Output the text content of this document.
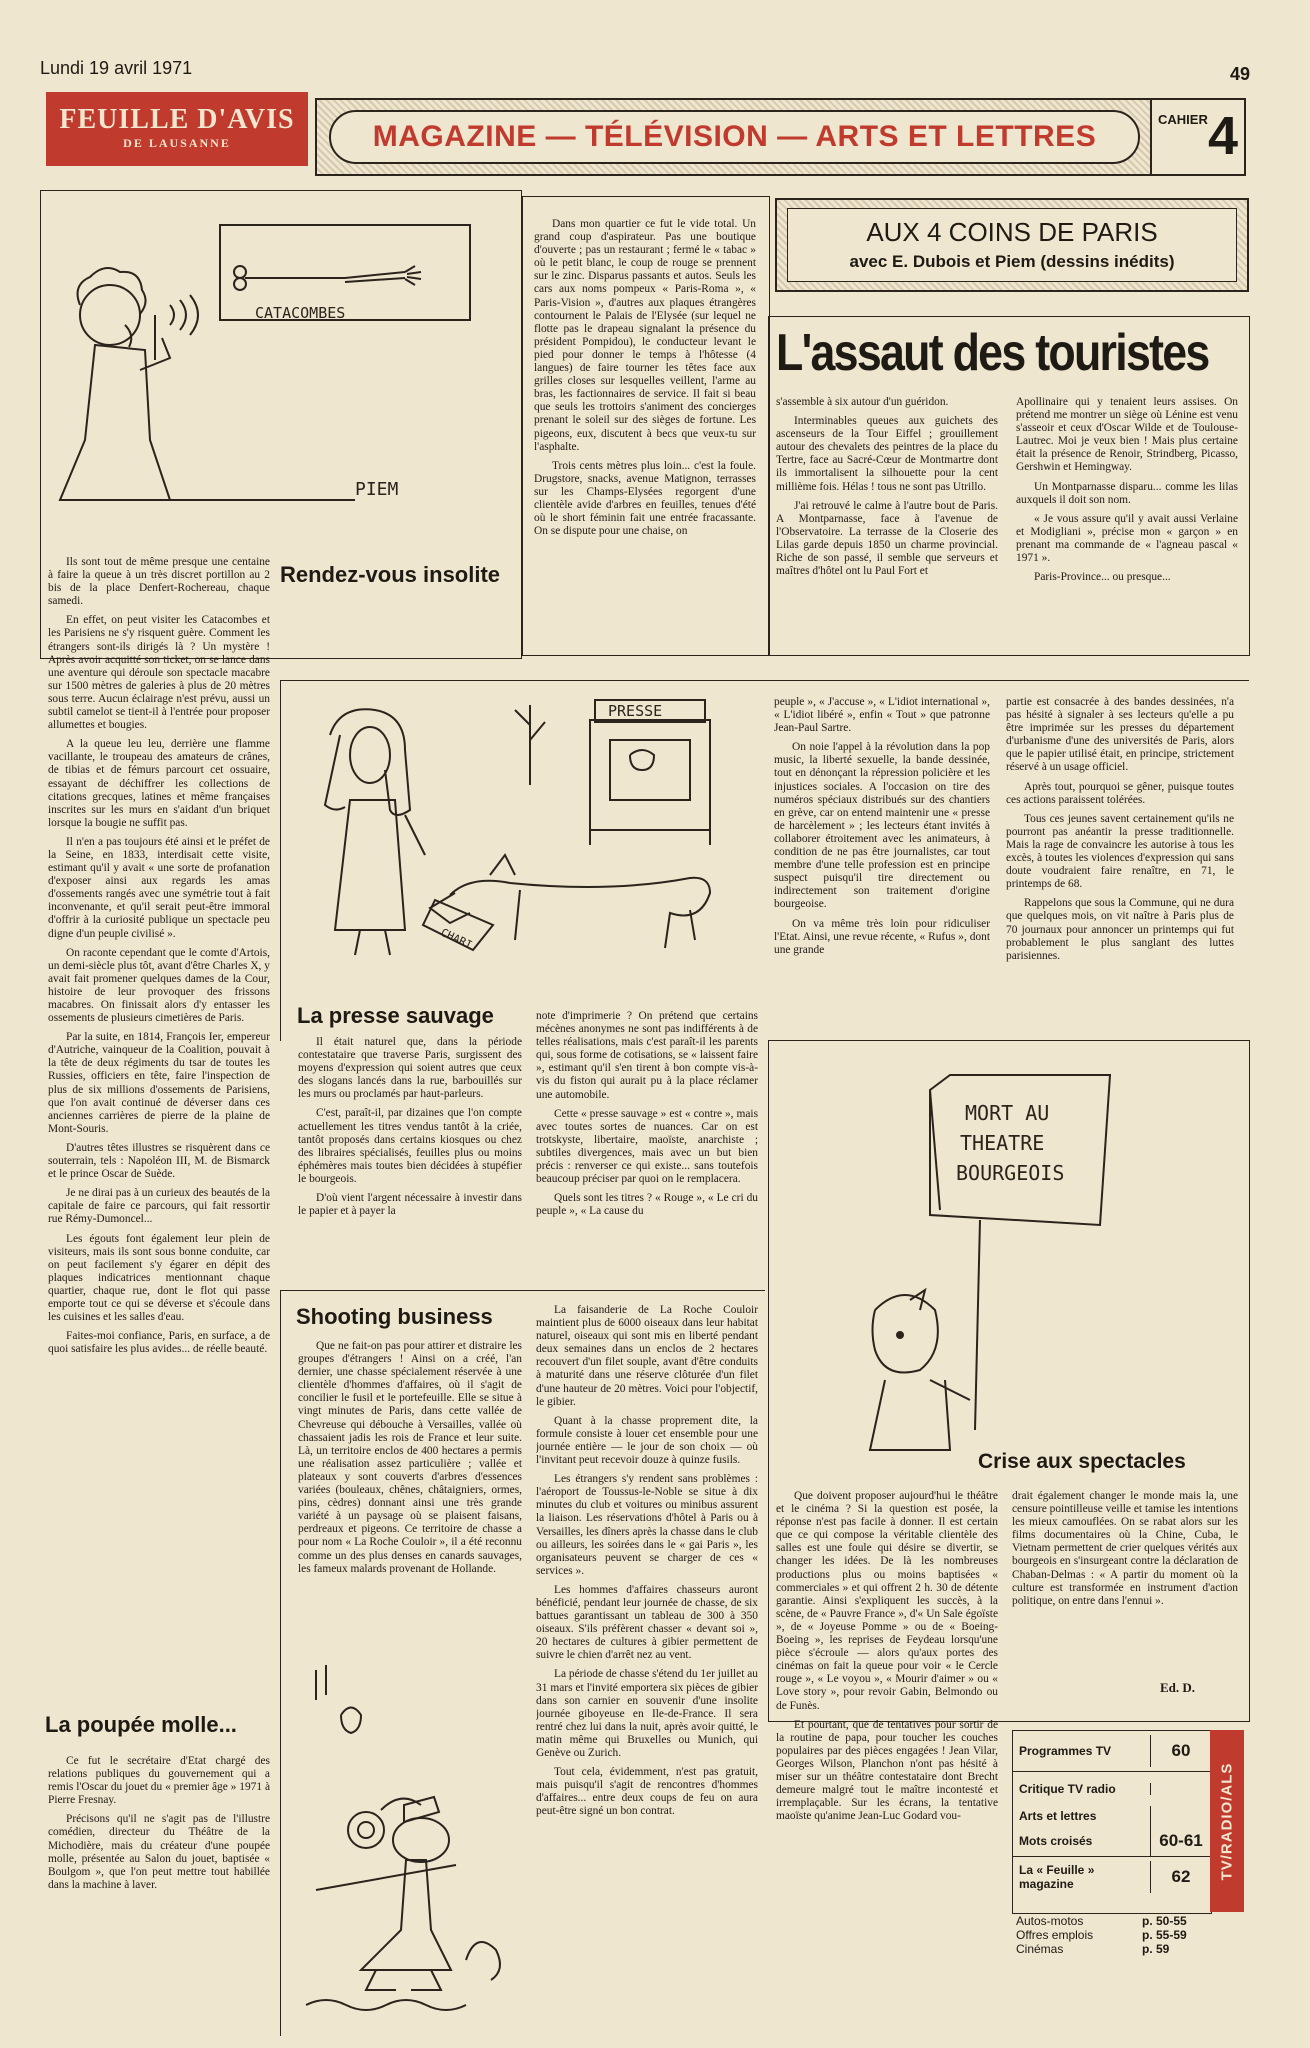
Lundi 19 avril 1971	49
FEUILLE D'AVIS
DE LAUSANNE	MAGAZINE — TÉLÉVISION — ARTS ET LETTRES
CAHIER 4
CATACOMBES
PIEM
Rendez-vous insolite

Ils sont tout de même presque une centaine à faire la queue à un très discret portillon au 2 bis de la place Denfert-Rochereau, chaque samedi.

En effet, on peut visiter les Catacombes et les Parisiens ne s'y risquent guère. Comment les étrangers sont-ils dirigés là ? Un mystère ! Après avoir acquitté son ticket, on se lance dans une aventure qui déroule son spectacle macabre sur 1500 mètres de galeries à plus de 20 mètres sous terre. Aucun éclairage n'est prévu, aussi un subtil camelot se tient-il à l'entrée pour proposer allumettes et bougies.

A la queue leu leu, derrière une flamme vacillante, le troupeau des amateurs de crânes, de tibias et de fémurs parcourt cet ossuaire, essayant de déchiffrer les collections de citations grecques, latines et même françaises inscrites sur les murs en s'aidant d'un briquet lorsque la bougie ne suffit pas.

Il n'en a pas toujours été ainsi et le préfet de la Seine, en 1833, interdisait cette visite, estimant qu'il y avait « une sorte de profanation d'exposer ainsi aux regards les amas d'ossements rangés avec une symétrie tout à fait inconvenante, et qu'il serait peut-être immoral d'offrir à la curiosité publique un spectacle peu digne d'un peuple civilisé ».

On raconte cependant que le comte d'Artois, un demi-siècle plus tôt, avant d'être Charles X, y avait fait promener quelques dames de la Cour, histoire de leur provoquer des frissons macabres. On finissait alors d'y entasser les ossements de plusieurs cimetières de Paris.

Par la suite, en 1814, François Ier, empereur d'Autriche, vainqueur de la Coalition, pouvait à la tête de deux régiments du tsar de toutes les Russies, officiers en tête, faire l'inspection de plus de six millions d'ossements de Parisiens, que l'on avait continué de déverser dans ces anciennes carrières de pierre de la plaine de Mont-Souris.

D'autres têtes illustres se risquèrent dans ce souterrain, tels : Napoléon III, M. de Bismarck et le prince Oscar de Suède.

Je ne dirai pas à un curieux des beautés de la capitale de faire ce parcours, qui fait ressortir rue Rémy-Dumoncel...

Les égouts font également leur plein de visiteurs, mais ils sont sous bonne conduite, car on peut facilement s'y égarer en dépit des plaques indicatrices mentionnant chaque quartier, chaque rue, dont le flot qui passe emporte tout ce qui se déverse et s'écoule dans les cuisines et les salles d'eau.

Faites-moi confiance, Paris, en surface, a de quoi satisfaire les plus avides... de réelle beauté.

La poupée molle...

Ce fut le secrétaire d'Etat chargé des relations publiques du gouvernement qui a remis l'Oscar du jouet du « premier âge » 1971 à Pierre Fresnay.

Précisons qu'il ne s'agit pas de l'illustre comédien, directeur du Théâtre de la Michodière, mais du créateur d'une poupée molle, présentée au Salon du jouet, baptisée « Boulgom », que l'on peut mettre tout habillée dans la machine à laver.

Dans mon quartier ce fut le vide total. Un grand coup d'aspirateur. Pas une boutique d'ouverte ; pas un restaurant ; fermé le « tabac » où le petit blanc, le coup de rouge se prennent sur le zinc. Disparus passants et autos. Seuls les cars aux noms pompeux « Paris-Roma », « Paris-Vision », d'autres aux plaques étrangères contournent le Palais de l'Elysée (sur lequel ne flotte pas le drapeau signalant la présence du président Pompidou), le conducteur levant le pied pour donner le temps à l'hôtesse (4 langues) de faire tourner les têtes face aux grilles closes sur lesquelles veillent, l'arme au bras, les factionnaires de service. Il fait si beau que seuls les trottoirs s'animent des concierges prenant le soleil sur des sièges de fortune. Les pigeons, eux, discutent à becs que veux-tu sur l'asphalte.

Trois cents mètres plus loin... c'est la foule. Drugstore, snacks, avenue Matignon, terrasses sur les Champs-Elysées regorgent d'une clientèle avide d'arbres en feuilles, tenues d'été où le short féminin fait une entrée fracassante. On se dispute pour une chaise, on

AUX 4 COINS DE PARIS
avec E. Dubois et Piem (dessins inédits)
L'assaut des touristes

s'assemble à six autour d'un guéridon.

Interminables queues aux guichets des ascenseurs de la Tour Eiffel ; grouillement autour des chevalets des peintres de la place du Tertre, face au Sacré-Cœur de Montmartre dont ils immortalisent la silhouette pour la cent millième fois. Hélas ! tous ne sont pas Utrillo.

J'ai retrouvé le calme à l'autre bout de Paris. A Montparnasse, face à l'avenue de l'Observatoire. La terrasse de la Closerie des Lilas garde depuis 1850 un charme provincial. Riche de son passé, il semble que serveurs et maîtres d'hôtel ont lu Paul Fort et

Apollinaire qui y tenaient leurs assises. On prétend me montrer un siège où Lénine est venu s'asseoir et ceux d'Oscar Wilde et de Toulouse-Lautrec. Moi je veux bien ! Mais plus certaine était la présence de Renoir, Strindberg, Picasso, Gershwin et Hemingway.

Un Montparnasse disparu... comme les lilas auxquels il doit son nom.

« Je vous assure qu'il y avait aussi Verlaine et Modigliani », précise mon « garçon » en prenant ma commande de « l'agneau pascal « 1971 ».

Paris-Province... ou presque...

PRESSE
CHARI
La presse sauvage

Il était naturel que, dans la période contestataire que traverse Paris, surgissent des moyens d'expression qui soient autres que ceux des slogans lancés dans la rue, barbouillés sur les murs ou proclamés par haut-parleurs.

C'est, paraît-il, par dizaines que l'on compte actuellement les titres vendus tantôt à la criée, tantôt proposés dans certains kiosques ou chez des libraires spécialisés, feuilles plus ou moins éphémères mais toutes bien décidées à stupéfier le bourgeois.

D'où vient l'argent nécessaire à investir dans le papier et à payer la

note d'imprimerie ? On prétend que certains mécènes anonymes ne sont pas indifférents à de telles réalisations, mais c'est paraît-il les parents qui, sous forme de cotisations, se « laissent faire », estimant qu'il s'en tirent à bon compte vis-à-vis du fiston qui aurait pu à la place réclamer une automobile.

Cette « presse sauvage » est « contre », mais avec toutes sortes de nuances. Car on est trotskyste, libertaire, maoïste, anarchiste ; subtiles divergences, mais avec un but bien précis : renverser ce qui existe... sans toutefois beaucoup préciser par quoi on le remplacera.

Quels sont les titres ? « Rouge », « Le cri du peuple », « La cause du

peuple », « J'accuse », « L'idiot international », « L'idiot libéré », enfin « Tout » que patronne Jean-Paul Sartre.

On noie l'appel à la révolution dans la pop music, la liberté sexuelle, la bande dessinée, tout en dénonçant la répression policière et les injustices sociales. A l'occasion on tire des numéros spéciaux distribués sur des chantiers en grève, car on entend maintenir une « presse de harcèlement » ; les lecteurs étant invités à collaborer étroitement avec les animateurs, à condition de ne pas être journalistes, car tout membre d'une telle profession est en principe suspect puisqu'il tire directement ou indirectement son traitement d'origine bourgeoise.

On va même très loin pour ridiculiser l'Etat. Ainsi, une revue récente, « Rufus », dont une grande

partie est consacrée à des bandes dessinées, n'a pas hésité à signaler à ses lecteurs qu'elle a pu être imprimée sur les presses du département d'urbanisme d'une des universités de Paris, alors que le papier utilisé était, en principe, strictement réservé à un usage officiel.

Après tout, pourquoi se gêner, puisque toutes ces actions paraissent tolérées.

Tous ces jeunes savent certainement qu'ils ne pourront pas anéantir la presse traditionnelle. Mais la rage de convaincre les autorise à tous les excès, à toutes les violences d'expression qui sans doute voudraient faire renaître, en 71, le printemps de 68.

Rappelons que sous la Commune, qui ne dura que quelques mois, on vit naître à Paris plus de 70 journaux pour annoncer un printemps qui fut probablement le plus sanglant des luttes parisiennes.

Shooting business

Que ne fait-on pas pour attirer et distraire les groupes d'étrangers ! Ainsi on a créé, l'an dernier, une chasse spécialement réservée à une clientèle d'hommes d'affaires, où il s'agit de concilier le fusil et le portefeuille. Elle se situe à vingt minutes de Paris, dans cette vallée de Chevreuse qui débouche à Versailles, vallée où chassaient jadis les rois de France et leur suite. Là, un territoire enclos de 400 hectares a permis une réalisation assez particulière ; vallée et plateaux y sont couverts d'arbres d'essences variées (bouleaux, chênes, châtaigniers, ormes, pins, cèdres) donnant ainsi une très grande variété à un paysage où se plaisent faisans, perdreaux et pigeons. Ce territoire de chasse a pour nom « La Roche Couloir », il a été reconnu comme un des plus denses en canards sauvages, les fameux malards provenant de Hollande.

La faisanderie de La Roche Couloir maintient plus de 6000 oiseaux dans leur habitat naturel, oiseaux qui sont mis en liberté pendant deux semaines dans un enclos de 2 hectares recouvert d'un filet souple, avant d'être conduits à maturité dans une réserve clôturée d'un filet d'une hauteur de 20 mètres. Voici pour l'objectif, le gibier.

Quant à la chasse proprement dite, la formule consiste à louer cet ensemble pour une journée entière — le jour de son choix — où l'invitant peut recevoir douze à quinze fusils.

Les étrangers s'y rendent sans problèmes : l'aéroport de Toussus-le-Noble se situe à dix minutes du club et voitures ou minibus assurent la liaison. Les réservations d'hôtel à Paris ou à Versailles, les dîners après la chasse dans le club ou ailleurs, les soirées dans le « gai Paris », les organisateurs peuvent se charger de ces « services ».

Les hommes d'affaires chasseurs auront bénéficié, pendant leur journée de chasse, de six battues garantissant un tableau de 300 à 350 oiseaux. S'ils préfèrent chasser « devant soi », 20 hectares de cultures à gibier permettent de suivre le chien d'arrêt nez au vent.

La période de chasse s'étend du 1er juillet au 31 mars et l'invité emportera six pièces de gibier dans son carnier en souvenir d'une insolite journée giboyeuse en Ile-de-France. Il sera rentré chez lui dans la nuit, après avoir quitté, le matin même qui Bruxelles ou Munich, qui Genève ou Zurich.

Tout cela, évidemment, n'est pas gratuit, mais puisqu'il s'agit de rencontres d'hommes d'affaires... entre deux coups de feu on aura peut-être signé un bon contrat.

MORT AU
THEATRE
BOURGEOIS
Crise aux spectacles

Que doivent proposer aujourd'hui le théâtre et le cinéma ? Si la question est posée, la réponse n'est pas facile à donner. Il est certain que ce qui compose la véritable clientèle des salles est une foule qui désire se divertir, se changer les idées. De là les nombreuses productions plus ou moins baptisées « commerciales » et qui offrent 2 h. 30 de détente garantie. Ainsi s'expliquent les succès, à la scène, de « Pauvre France », d'« Un Sale égoïste », de « Joyeuse Pomme » ou de « Boeing-Boeing », les reprises de Feydeau lorsqu'une pièce s'écroule — alors qu'aux portes des cinémas on fait la queue pour voir « le Cercle rouge », « Le voyou », « Mourir d'aimer » ou « Love story », pour revoir Gabin, Belmondo ou de Funès.

Et pourtant, que de tentatives pour sortir de la routine de papa, pour toucher les couches populaires par des pièces engagées ! Jean Vilar, Georges Wilson, Planchon n'ont pas hésité à miser sur un théâtre contestataire dont Brecht demeure malgré tout le maître incontesté et irremplaçable. Sur les écrans, la tentative maoïste qu'anime Jean-Luc Godard vou-

drait également changer le monde mais la, une censure pointilleuse veille et tamise les intentions les mieux camouflées. On se rabat alors sur les films documentaires où la Chine, Cuba, le Vietnam permettent de crier quelques vérités aux bourgeois en s'insurgeant contre la déclaration de Chaban-Delmas : « A partir du moment où la culture est transformée en instrument d'action politique, on entre dans l'ennui ».

Ed. D.
Programmes TV	60
Critique TV radio
Arts et lettres
Mots croisés	60-61
La « Feuille » magazine	62	TV/RADIO/ALS
Autos-motos	p. 50-55
Offres emplois	p. 55-59
Cinémas	p. 59
